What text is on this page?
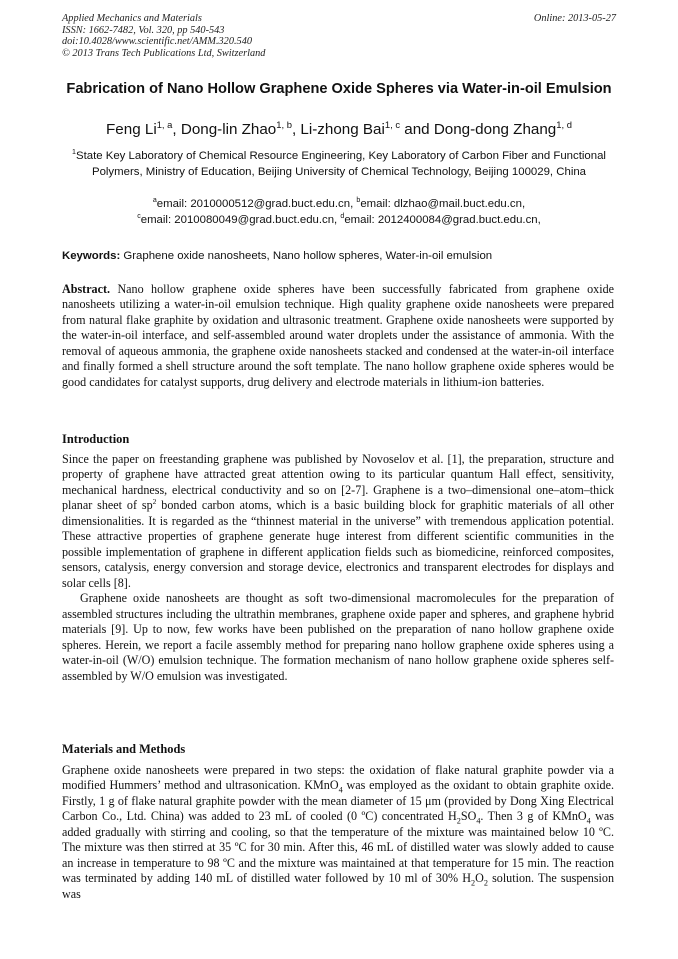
Applied Mechanics and Materials
ISSN: 1662-7482, Vol. 320, pp 540-543
doi:10.4028/www.scientific.net/AMM.320.540
© 2013 Trans Tech Publications Ltd, Switzerland
Online: 2013-05-27
Fabrication of Nano Hollow Graphene Oxide Spheres via Water-in-oil Emulsion
Feng Li$^{1, a}$, Dong-lin Zhao$^{1, b}$, Li-zhong Bai$^{1, c}$ and Dong-dong Zhang$^{1, d}$
$^1$State Key Laboratory of Chemical Resource Engineering, Key Laboratory of Carbon Fiber and Functional Polymers, Ministry of Education, Beijing University of Chemical Technology, Beijing 100029, China
$^a$email: 2010000512@grad.buct.edu.cn, $^b$email: dlzhao@mail.buct.edu.cn,
$^c$email: 2010080049@grad.buct.edu.cn, $^d$email: 2012400084@grad.buct.edu.cn,
Keywords: Graphene oxide nanosheets, Nano hollow spheres, Water-in-oil emulsion
Abstract. Nano hollow graphene oxide spheres have been successfully fabricated from graphene oxide nanosheets utilizing a water-in-oil emulsion technique. High quality graphene oxide nanosheets were prepared from natural flake graphite by oxidation and ultrasonic treatment. Graphene oxide nanosheets were supported by the water-in-oil interface, and self-assembled around water droplets under the assistance of ammonia. With the removal of aqueous ammonia, the graphene oxide nanosheets stacked and condensed at the water-in-oil interface and finally formed a shell structure around the soft template. The nano hollow graphene oxide spheres would be good candidates for catalyst supports, drug delivery and electrode materials in lithium-ion batteries.
Introduction

Since the paper on freestanding graphene was published by Novoselov et al. [1], the preparation, structure and property of graphene have attracted great attention owing to its particular quantum Hall effect, sensitivity, mechanical hardness, electrical conductivity and so on [2-7]. Graphene is a two–dimensional one–atom–thick planar sheet of $sp^2$ bonded carbon atoms, which is a basic building block for graphitic materials of all other dimensionalities. It is regarded as the “thinnest material in the universe” with tremendous application potential. These attractive properties of graphene generate huge interest from different scientific communities in the possible implementation of graphene in different application fields such as biomedicine, reinforced composites, sensors, catalysis, energy conversion and storage device, electronics and transparent electrodes for displays and solar cells [8].

Graphene oxide nanosheets are thought as soft two-dimensional macromolecules for the preparation of assembled structures including the ultrathin membranes, graphene oxide paper and spheres, and graphene hybrid materials [9]. Up to now, few works have been published on the preparation of nano hollow graphene oxide spheres. Herein, we report a facile assembly method for preparing nano hollow graphene oxide spheres using a water-in-oil (W/O) emulsion technique. The formation mechanism of nano hollow graphene oxide spheres self-assembled by W/O emulsion was investigated.

Materials and Methods

Graphene oxide nanosheets were prepared in two steps: the oxidation of flake natural graphite powder via a modified Hummers’ method and ultrasonication. KMnO$_4$ was employed as the oxidant to obtain graphite oxide. Firstly, 1 g of flake natural graphite powder with the mean diameter of 15 μm (provided by Dong Xing Electrical Carbon Co., Ltd. China) was added to 23 mL of cooled (0 ºC) concentrated $H_2SO_4$. Then 3 g of KMnO$_4$ was added gradually with stirring and cooling, so that the temperature of the mixture was maintained below 10 ºC. The mixture was then stirred at 35 ºC for 30 min. After this, 46 mL of distilled water was slowly added to cause an increase in temperature to 98 ºC and the mixture was maintained at that temperature for 15 min. The reaction was terminated by adding 140 mL of distilled water followed by 10 ml of 30% $H_2O_2$ solution. The suspension was
